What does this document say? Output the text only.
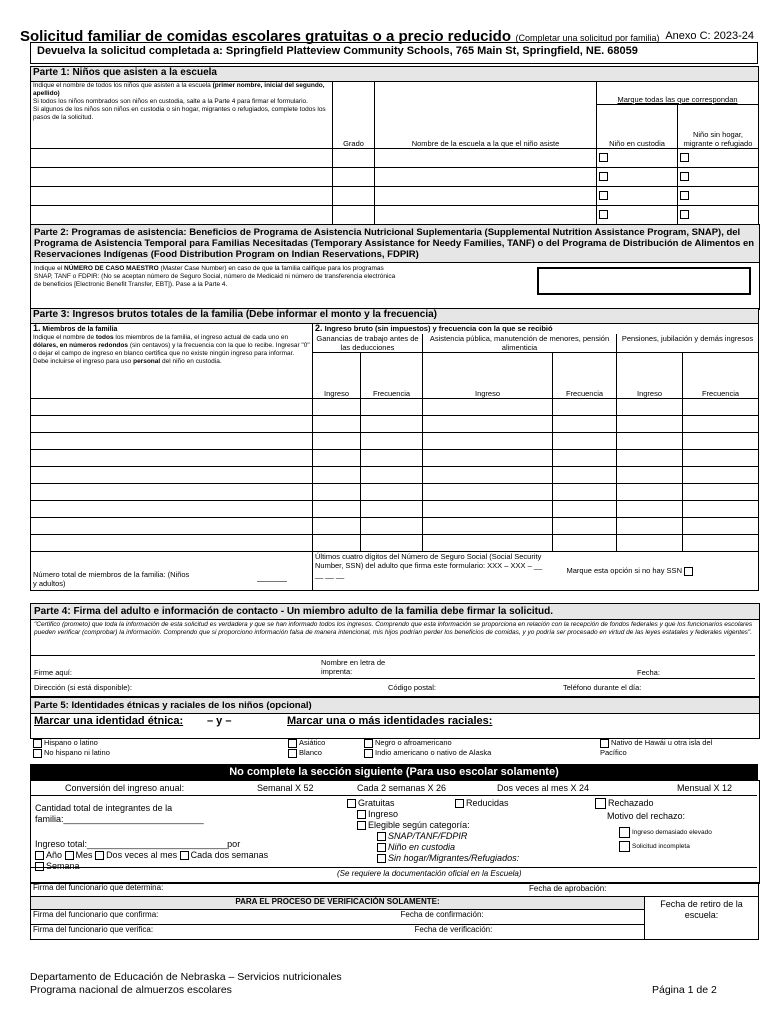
Solicitud familiar de comidas escolares gratuitas o a precio reducido (Completar una solicitud por familia) Anexo C: 2023-24
Devuelva la solicitud completada a: Springfield Platteview Community Schools, 765 Main St, Springfield, NE. 68059
Parte 1: Niños que asisten a la escuela				
Indique el nombre de todos los niños que asisten a la escuela (primer nombre, inicial del segundo, apellido)
Si todos los niños nombrados son niños en custodia, salte a la Parte 4 para firmar el formulario.
Si algunos de los niños son niños en custodia o sin hogar, migrantes o refugiados, complete todos los pasos de la solicitud.	Grado	Nombre de la escuela a la que el niño asiste	Marque todas las que correspondan	
			Niño en custodia	Niño sin hogar, migrante o refugiado

Parte 2: Programas de asistencia: Beneficios de Programa de Asistencia Nutricional Suplementaria (Supplemental Nutrition Assistance Program, SNAP), del Programa de Asistencia Temporal para Familias Necesitadas (Temporary Assistance for Needy Families, TANF) o del Programa de Distribución de Alimentos en Reservaciones Indígenas (Food Distribution Program on Indian Reservations, FDPIR)
Indique el NÚMERO DE CASO MAESTRO (Master Case Number) en caso de que la familia califique para los programas SNAP, TANF o FDPIR: (No se aceptan número de Seguro Social, número de Medicaid ni número de transferencia electrónica de beneficios [Electronic Benefit Transfer, EBT]). Pase a la Parte 4.
Parte 3: Ingresos brutos totales de la familia (Debe informar el monto y la frecuencia)						
1. Miembros de la familia
Indique el nombre de todos los miembros de la familia, el ingreso actual de cada uno en dólares, en números redondos (sin centavos) y la frecuencia con la que lo recibe. Ingresar "0" o dejar el campo de ingreso en blanco certifica que no existe ningún ingreso para informar. Debe incluirse el ingreso para uso personal del niño en custodia.	2. Ingreso bruto (sin impuestos) y frecuencia con la que se recibió					
	Ganancias de trabajo antes de las deducciones		Asistencia pública, manutención de menores, pensión alimenticia		Pensiones, jubilación y demás ingresos	
	Ingreso	Frecuencia	Ingreso	Frecuencia	Ingreso	Frecuencia

Número total de miembros de la familia: (Niños y adultos)	Últimos cuatro dígitos del Número de Seguro Social (Social Security Number, SSN) del adulto que firma este formulario: XXX – XXX – __ __ __ __			Marque esta opción si no hay SSN		
Parte 4: Firma del adulto e información de contacto - Un miembro adulto de la familia debe firmar la solicitud.
"Certifico (prometo) que toda la información de esta solicitud es verdadera y que se han informado todos los ingresos. Comprendo que esta información se proporciona en relación con la recepción de fondos federales y que los funcionarios escolares pueden verificar (comprobar) la información. Comprendo que si proporciono información falsa de manera intencional, mis hijos podrían perder los beneficios de comidas, y yo podría ser procesado en virtud de las leyes estatales y federales vigentes".
Firme aquí:
Nombre en letra de imprenta:	Fecha:
Dirección (si está disponible):	Código postal:	Teléfono durante el día:
Parte 5: Identidades étnicas y raciales de los niños (opcional)
Marcar una identidad étnica: – y –	Marcar una o más identidades raciales:
Hispano o latino
No hispano ni latino
Asiático
Blanco
Negro o afroamericano
Indio americano o nativo de Alaska
Nativo de Hawái u otra isla del Pacífico
No complete la sección siguiente (Para uso escolar solamente)
Conversión del ingreso anual:	Semanal X 52	Cada 2 semanas X 26	Dos veces al mes X 24	Mensual X 12
Cantidad total de integrantes de la familia:____________________________
Ingreso total:____________________________por
Año Mes Dos veces al mes Cada dos semanas
Semana
Gratuitas	Reducidas
Ingreso
Elegible según categoría:
SNAP/TANF/FDPIR
Niño en custodia
Sin hogar/Migrantes/Refugiados:
Rechazado
Motivo del rechazo:
Ingreso demasiado elevado
Solicitud incompleta
(Se requiere la documentación oficial en la Escuela)
Firma del funcionario que determina: Fecha de aprobación:		

PARA EL PROCESO DE VERIFICACIÓN SOLAMENTE:		Fecha de retiro de la escuela:
Firma del funcionario que confirma:	Fecha de confirmación:	
Firma del funcionario que verifica:	Fecha de verificación:	
Departamento de Educación de Nebraska – Servicios nutricionales
Programa nacional de almuerzos escolares	Página 1 de 2
